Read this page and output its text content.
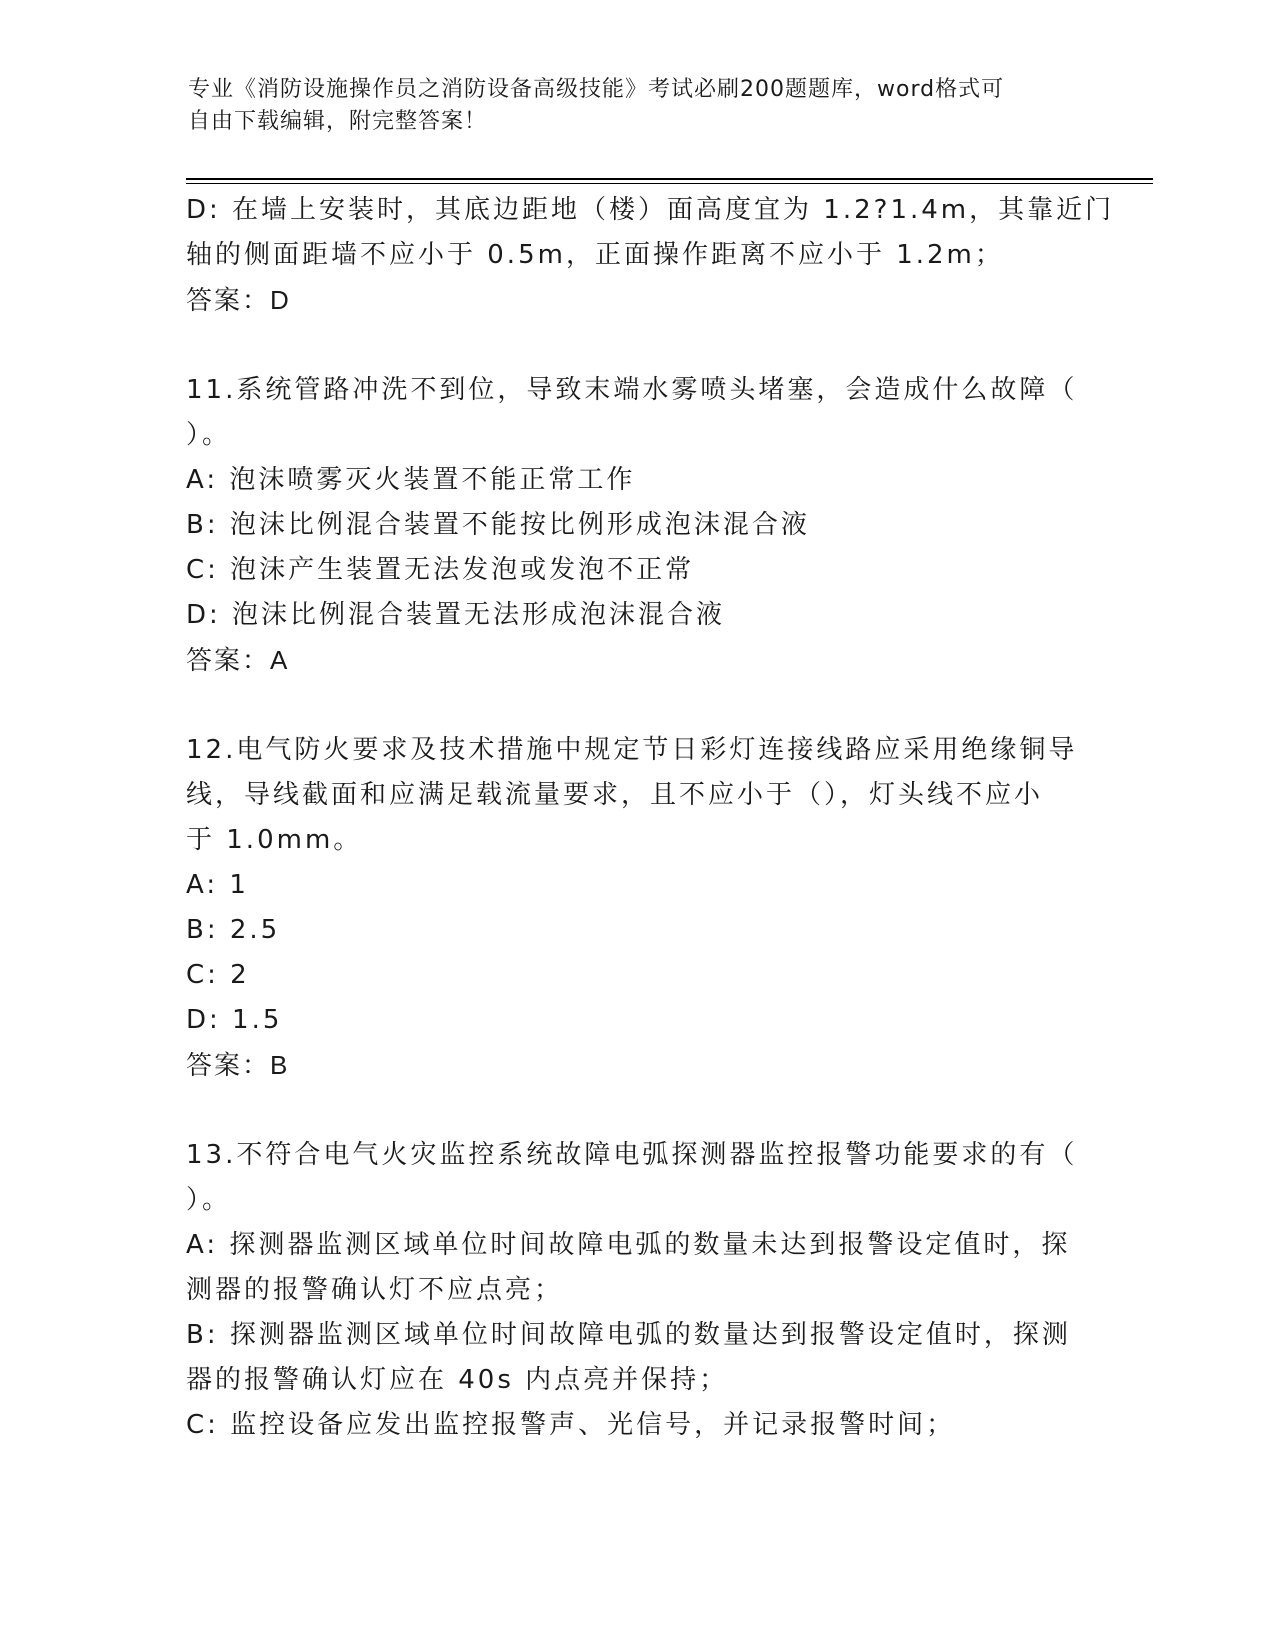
专业《消防设施操作员之消防设备高级技能》考试必刷200题题库，word格式可
自由下载编辑，附完整答案！
D: 在墙上安装时，其底边距地（楼）面高度宜为 1.2?1.4m，其靠近门
轴的侧面距墙不应小于 0.5m，正面操作距离不应小于 1.2m；
答案：D
11.系统管路冲洗不到位，导致末端水雾喷头堵塞，会造成什么故障（
）。
A: 泡沫喷雾灭火装置不能正常工作
B: 泡沫比例混合装置不能按比例形成泡沫混合液
C: 泡沫产生装置无法发泡或发泡不正常
D: 泡沫比例混合装置无法形成泡沫混合液
答案：A
12.电气防火要求及技术措施中规定节日彩灯连接线路应采用绝缘铜导
线，导线截面和应满足载流量要求，且不应小于（），灯头线不应小
于 1.0mm。
A: 1
B: 2.5
C: 2
D: 1.5
答案：B
13.不符合电气火灾监控系统故障电弧探测器监控报警功能要求的有（
）。
A: 探测器监测区域单位时间故障电弧的数量未达到报警设定值时，探
测器的报警确认灯不应点亮；
B: 探测器监测区域单位时间故障电弧的数量达到报警设定值时，探测
器的报警确认灯应在 40s 内点亮并保持；
C: 监控设备应发出监控报警声、光信号，并记录报警时间；
